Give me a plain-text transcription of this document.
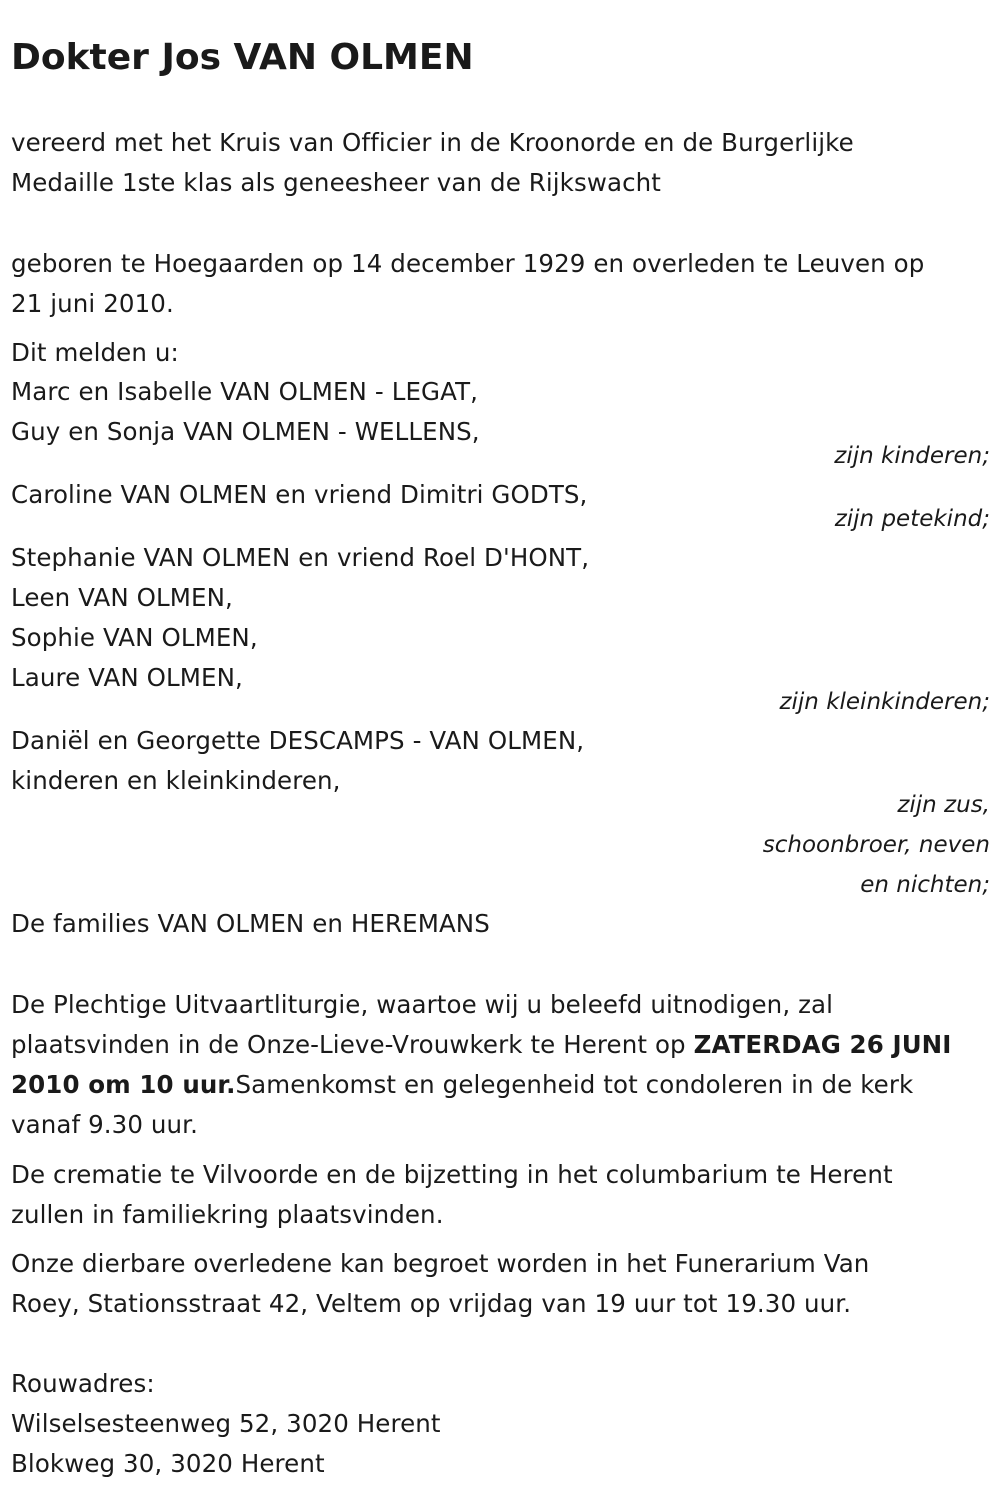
Dokter Jos VAN OLMEN
vereerd met het Kruis van Officier in de Kroonorde en de Burgerlijke
Medaille 1ste klas als geneesheer van de Rijkswacht
geboren te Hoegaarden op 14 december 1929 en overleden te Leuven op
21 juni 2010.
Dit melden u:
Marc en Isabelle VAN OLMEN - LEGAT,
Guy en Sonja VAN OLMEN - WELLENS,
zijn kinderen;
Caroline VAN OLMEN en vriend Dimitri GODTS,
zijn petekind;
Stephanie VAN OLMEN en vriend Roel D'HONT,
Leen VAN OLMEN,
Sophie VAN OLMEN,
Laure VAN OLMEN,
zijn kleinkinderen;
Daniël en Georgette DESCAMPS - VAN OLMEN,
kinderen en kleinkinderen,
zijn zus,
schoonbroer, neven
en nichten;
De families VAN OLMEN en HEREMANS
De Plechtige Uitvaartliturgie, waartoe wij u beleefd uitnodigen, zal
plaatsvinden in de Onze-Lieve-Vrouwkerk te Herent op ZATERDAG 26 JUNI
2010 om 10 uur.Samenkomst en gelegenheid tot condoleren in de kerk
vanaf 9.30 uur.
De crematie te Vilvoorde en de bijzetting in het columbarium te Herent
zullen in familiekring plaatsvinden.
Onze dierbare overledene kan begroet worden in het Funerarium Van
Roey, Stationsstraat 42, Veltem op vrijdag van 19 uur tot 19.30 uur.
Rouwadres:
Wilselsesteenweg 52, 3020 Herent
Blokweg 30, 3020 Herent
